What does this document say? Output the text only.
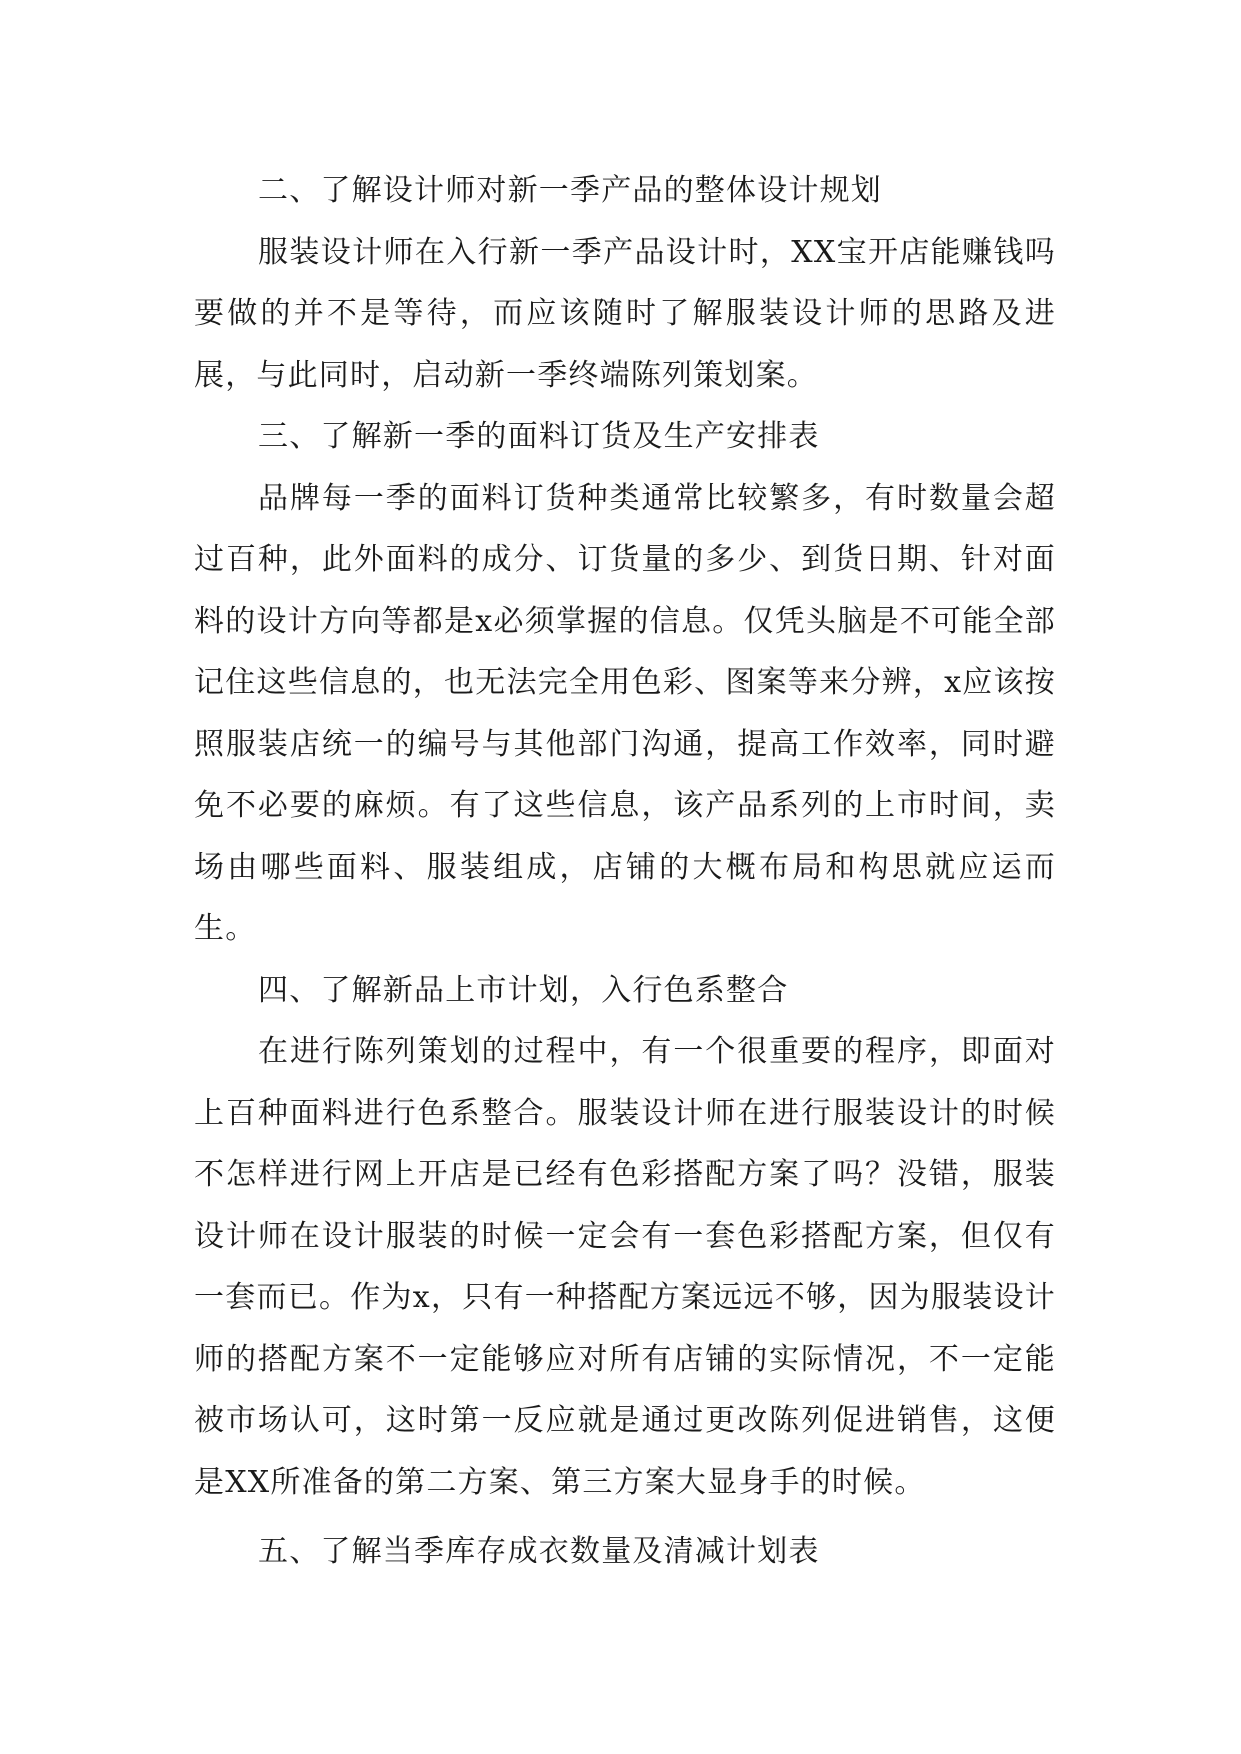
二、了解设计师对新一季产品的整体设计规划

服装设计师在入行新一季产品设计时，XX宝开店能赚钱吗要做的并不是等待，而应该随时了解服装设计师的思路及进展，与此同时，启动新一季终端陈列策划案。

三、了解新一季的面料订货及生产安排表

品牌每一季的面料订货种类通常比较繁多，有时数量会超过百种，此外面料的成分、订货量的多少、到货日期、针对面料的设计方向等都是x必须掌握的信息。仅凭头脑是不可能全部记住这些信息的，也无法完全用色彩、图案等来分辨，x应该按照服装店统一的编号与其他部门沟通，提高工作效率，同时避免不必要的麻烦。有了这些信息，该产品系列的上市时间，卖场由哪些面料、服装组成，店铺的大概布局和构思就应运而生。

四、了解新品上市计划，入行色系整合

在进行陈列策划的过程中，有一个很重要的程序，即面对上百种面料进行色系整合。服装设计师在进行服装设计的时候不怎样进行网上开店是已经有色彩搭配方案了吗？没错，服装设计师在设计服装的时候一定会有一套色彩搭配方案，但仅有一套而已。作为x，只有一种搭配方案远远不够，因为服装设计师的搭配方案不一定能够应对所有店铺的实际情况，不一定能被市场认可，这时第一反应就是通过更改陈列促进销售，这便是XX所准备的第二方案、第三方案大显身手的时候。

五、了解当季库存成衣数量及清减计划表
